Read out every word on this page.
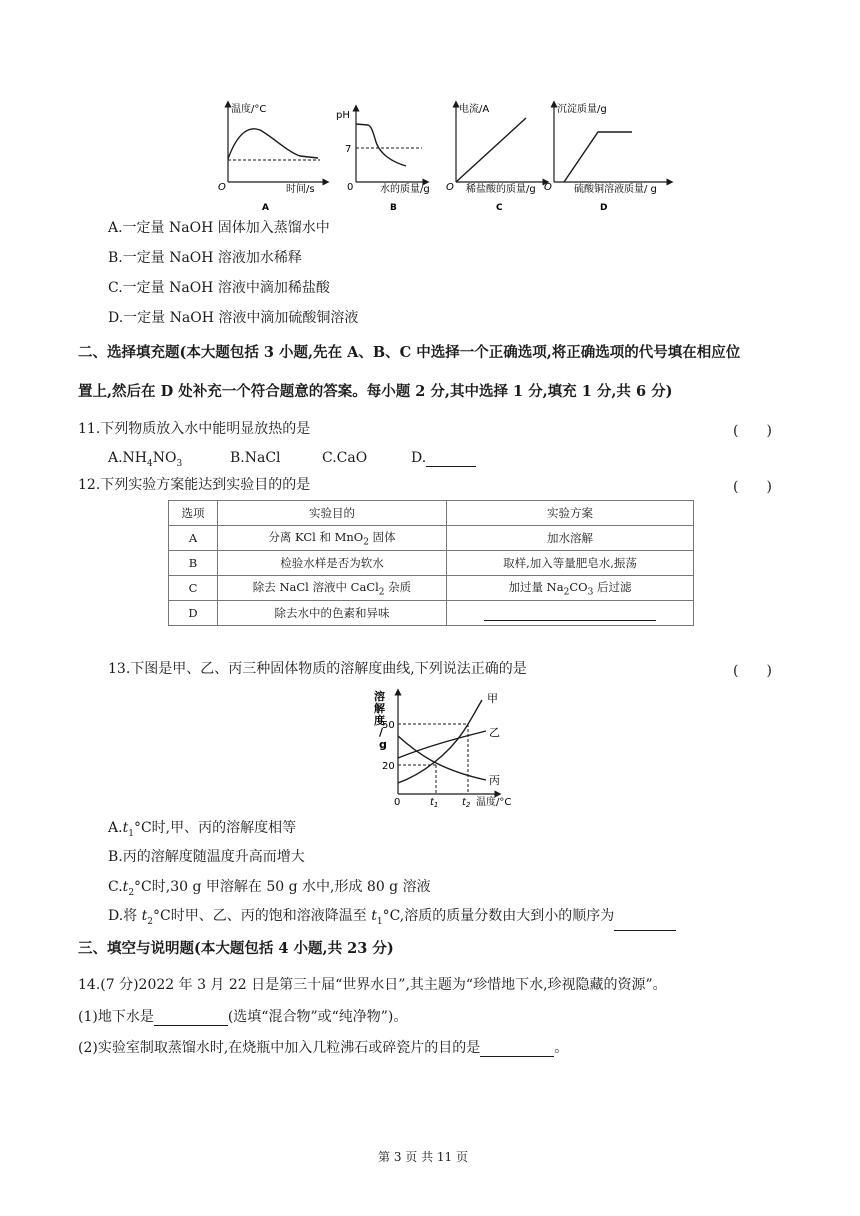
温度/°C
时间/s
O
A
pH
7
水的质量/g
0
B
电流/A
稀盐酸的质量/g
O
C
沉淀质量/g
硫酸铜溶液质量/ g
O
D
A.一定量 NaOH 固体加入蒸馏水中
B.一定量 NaOH 溶液加水稀释
C.一定量 NaOH 溶液中滴加稀盐酸
D.一定量 NaOH 溶液中滴加硫酸铜溶液
二、选择填充题(本大题包括 3 小题,先在 A、B、C 中选择一个正确选项,将正确选项的代号填在相应位
置上,然后在 D 处补充一个符合题意的答案。每小题 2 分,其中选择 1 分,填充 1 分,共 6 分)
11.下列物质放入水中能明显放热的是	(　　)
$A.NH_4NO_3$	B.NaCl	C.CaO	D.
12.下列实验方案能达到实验目的的是	(　　)
选项	实验目的	实验方案
A	分离 KCl 和 MnO$_2$ 固体	加水溶解
B	检验水样是否为软水	取样,加入等量肥皂水,振荡
C	除去 NaCl 溶液中 CaCl$_2$ 杂质	加过量 $Na_2CO_3$ 后过滤
D	除去水中的色素和异味	
13.下图是甲、乙、丙三种固体物质的溶解度曲线,下列说法正确的是	(　　)
溶解度/ g
50
20
0	$t_1$ $t_2$ 温度/°C
甲
乙
丙
$A.t_1^\circ C$时,甲、丙的溶解度相等
B.丙的溶解度随温度升高而增大
$C.t_2^\circ C$时,30 g 甲溶解在 50 g 水中,形成 80 g 溶液
D.将 $t_2^\circ C$时甲、乙、丙的饱和溶液降温至 $t_1^\circ C$,溶质的质量分数由大到小的顺序为
三、填空与说明题(本大题包括 4 小题,共 23 分)
14.(7 分)2022 年 3 月 22 日是第三十届“世界水日”,其主题为“珍惜地下水,珍视隐藏的资源”。
(1)地下水是	(选填“混合物”或“纯净物”)。
(2)实验室制取蒸馏水时,在烧瓶中加入几粒沸石或碎瓷片的目的是	。
第 3 页 共 11 页
